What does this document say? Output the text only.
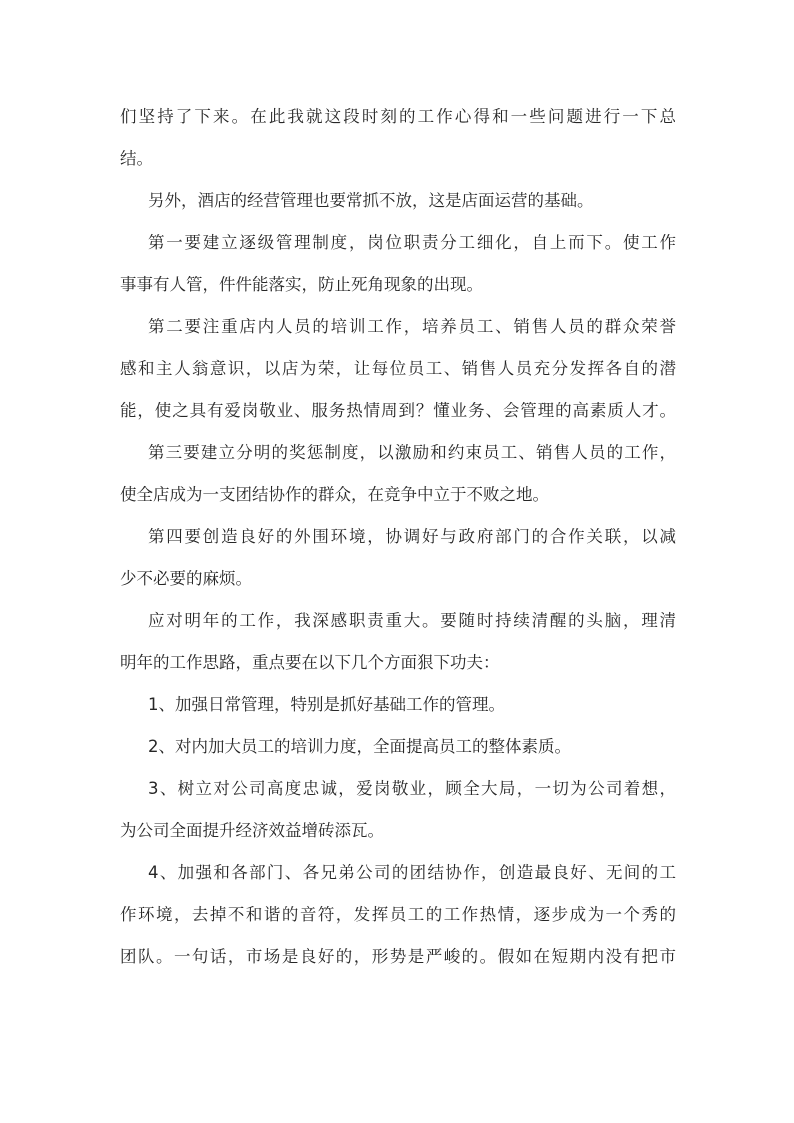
们坚持了下来。在此我就这段时刻的工作心得和一些问题进行一下总
结。
另外，酒店的经营管理也要常抓不放，这是店面运营的基础。
第一要建立逐级管理制度，岗位职责分工细化，自上而下。使工作
事事有人管，件件能落实，防止死角现象的出现。
第二要注重店内人员的培训工作，培养员工、销售人员的群众荣誉
感和主人翁意识，以店为荣，让每位员工、销售人员充分发挥各自的潜
能，使之具有爱岗敬业、服务热情周到？懂业务、会管理的高素质人才。
第三要建立分明的奖惩制度，以激励和约束员工、销售人员的工作，
使全店成为一支团结协作的群众，在竞争中立于不败之地。
第四要创造良好的外围环境，协调好与政府部门的合作关联，以减
少不必要的麻烦。
应对明年的工作，我深感职责重大。要随时持续清醒的头脑，理清
明年的工作思路，重点要在以下几个方面狠下功夫：
1、加强日常管理，特别是抓好基础工作的管理。
2、对内加大员工的培训力度，全面提高员工的整体素质。
3、树立对公司高度忠诚，爱岗敬业，顾全大局，一切为公司着想，
为公司全面提升经济效益增砖添瓦。
4、加强和各部门、各兄弟公司的团结协作，创造最良好、无间的工
作环境，去掉不和谐的音符，发挥员工的工作热情，逐步成为一个秀的
团队。一句话，市场是良好的，形势是严峻的。假如在短期内没有把市
